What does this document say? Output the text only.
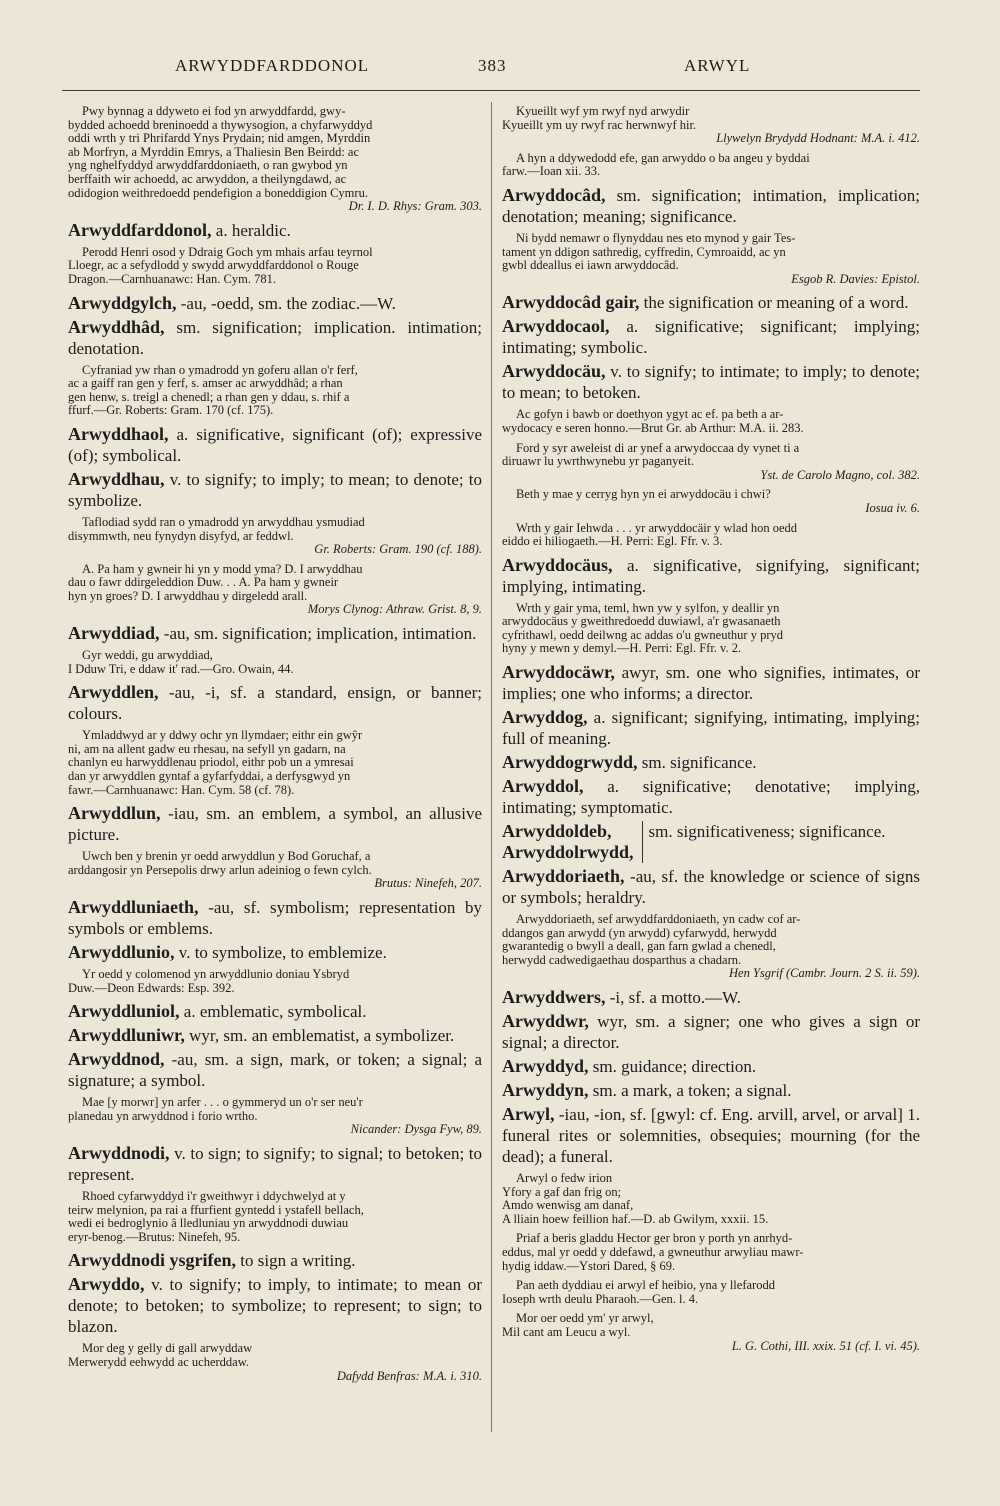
ARWYDDFARDDONOL	383	ARWYL
Pwy bynnag a ddyweto ei fod yn arwyddfardd, gwy-
bydded achoedd breninoedd a thywysogion, a chyfarwyddyd
oddi wrth y tri Phrifardd Ynys Prydain; nid amgen, Myrddin
ab Morfryn, a Myrddin Emrys, a Thaliesin Ben Beirdd: ac
yng nghelfyddyd arwyddfarddoniaeth, o ran gwybod yn
berffaith wir achoedd, ac arwyddon, a theilyngdawd, ac
odidogion weithredoedd pendefigion a boneddigion Cymru.
Dr. I. D. Rhys: Gram. 303.
Arwyddfarddonol, a. heraldic.
Perodd Henri osod y Ddraig Goch ym mhais arfau teyrnol
Lloegr, ac a sefydlodd y swydd arwyddfarddonol o Rouge
Dragon.—Carnhuanawc: Han. Cym. 781.
Arwyddgylch, -au, -oedd, sm. the zodiac.—W.
Arwyddhâd, sm. signification; implication. intimation; denotation.
Cyfraniad yw rhan o ymadrodd yn goferu allan o'r ferf,
ac a gaiff ran gen y ferf, s. amser ac arwyddhâd; a rhan
gen henw, s. treigl a chenedl; a rhan gen y ddau, s. rhif a
ffurf.—Gr. Roberts: Gram. 170 (cf. 175).
Arwyddhaol, a. significative, significant (of); expressive (of); symbolical.
Arwyddhau, v. to signify; to imply; to mean; to denote; to symbolize.
Taflodiad sydd ran o ymadrodd yn arwyddhau ysmudiad
disymmwth, neu fynydyn disyfyd, ar feddwl.
Gr. Roberts: Gram. 190 (cf. 188).
A. Pa ham y gwneir hi yn y modd yma? D. I arwyddhau
dau o fawr ddirgeleddion Duw. . . A. Pa ham y gwneir
hyn yn groes? D. I arwyddhau y dirgeledd arall.
Morys Clynog: Athraw. Grist. 8, 9.
Arwyddiad, -au, sm. signification; implication, intimation.
Gyr weddi, gu arwyddiad,
I Dduw Tri, e ddaw it' rad.—Gro. Owain, 44.
Arwyddlen, -au, -i, sf. a standard, ensign, or banner; colours.
Ymladdwyd ar y ddwy ochr yn llymdaer; eithr ein gwŷr
ni, am na allent gadw eu rhesau, na sefyll yn gadarn, na
chanlyn eu harwyddlenau priodol, eithr pob un a ymresai
dan yr arwyddlen gyntaf a gyfarfyddai, a derfysgwyd yn
fawr.—Carnhuanawc: Han. Cym. 58 (cf. 78).
Arwyddlun, -iau, sm. an emblem, a symbol, an allusive picture.
Uwch ben y brenin yr oedd arwyddlun y Bod Goruchaf, a
arddangosir yn Persepolis drwy arlun adeiniog o fewn cylch.
Brutus: Ninefeh, 207.
Arwyddluniaeth, -au, sf. symbolism; representation by symbols or emblems.
Arwyddlunio, v. to symbolize, to emblemize.
Yr oedd y colomenod yn arwyddlunio doniau Ysbryd
Duw.—Deon Edwards: Esp. 392.
Arwyddluniol, a. emblematic, symbolical.
Arwyddluniwr, wyr, sm. an emblematist, a symbolizer.
Arwyddnod, -au, sm. a sign, mark, or token; a signal; a signature; a symbol.
Mae [y morwr] yn arfer . . . o gymmeryd un o'r ser neu'r
planedau yn arwyddnod i forio wrtho.
Nicander: Dysga Fyw, 89.
Arwyddnodi, v. to sign; to signify; to signal; to betoken; to represent.
Rhoed cyfarwyddyd i'r gweithwyr i ddychwelyd at y
teirw melynion, pa rai a ffurfient gyntedd i ystafell bellach,
wedi ei bedroglynio â lledluniau yn arwyddnodi duwiau
eryr-benog.—Brutus: Ninefeh, 95.
Arwyddnodi ysgrifen, to sign a writing.
Arwyddo, v. to signify; to imply, to intimate; to mean or denote; to betoken; to symbolize; to represent; to sign; to blazon.
Mor deg y gelly di gall arwyddaw
Merwerydd eehwydd ac ucherddaw.
Dafydd Benfras: M.A. i. 310.
Kyueillt wyf ym rwyf nyd arwydir
Kyueillt ym uy rwyf rac herwnwyf hir.
Llywelyn Brydydd Hodnant: M.A. i. 412.
A hyn a ddywedodd efe, gan arwyddo o ba angeu y byddai
farw.—Ioan xii. 33.
Arwyddocâd, sm. signification; intimation, implication; denotation; meaning; significance.
Ni bydd nemawr o flynyddau nes eto mynod y gair Tes-
tament yn ddigon sathredig, cyffredin, Cymroaidd, ac yn
gwbl ddeallus ei iawn arwyddocâd.
Esgob R. Davies: Epistol.
Arwyddocâd gair, the signification or meaning of a word.
Arwyddocaol, a. significative; significant; implying; intimating; symbolic.
Arwyddocäu, v. to signify; to intimate; to imply; to denote; to mean; to betoken.
Ac gofyn i bawb or doethyon ygyt ac ef. pa beth a ar-
wydocacy e seren honno.—Brut Gr. ab Arthur: M.A. ii. 283.
Ford y syr aweleist di ar ynef a arwydoccaa dy vynet ti a
diruawr lu ywrthwynebu yr paganyeit.
Yst. de Carolo Magno, col. 382.
Beth y mae y cerryg hyn yn ei arwyddocäu i chwi?
Iosua iv. 6.
Wrth y gair Iehwda . . . yr arwyddocäir y wlad hon oedd
eiddo ei hiliogaeth.—H. Perri: Egl. Ffr. v. 3.
Arwyddocäus, a. significative, signifying, significant; implying, intimating.
Wrth y gair yma, teml, hwn yw y sylfon, y deallir yn
arwyddocäus y gweithredoedd duwiawl, a'r gwasanaeth
cyfrithawl, oedd deilwng ac addas o'u gwneuthur y pryd
hyny y mewn y demyl.—H. Perri: Egl. Ffr. v. 2.
Arwyddocäwr, awyr, sm. one who signifies, intimates, or implies; one who informs; a director.
Arwyddog, a. significant; signifying, intimating, implying; full of meaning.
Arwyddogrwydd, sm. significance.
Arwyddol, a. significative; denotative; implying, intimating; symptomatic.
Arwyddoldeb,
Arwyddolrwydd,
sm. significativeness; significance.
Arwyddoriaeth, -au, sf. the knowledge or science of signs or symbols; heraldry.
Arwyddoriaeth, sef arwyddfarddoniaeth, yn cadw cof ar-
ddangos gan arwydd (yn arwydd) cyfarwydd, herwydd
gwarantedig o bwyll a deall, gan farn gwlad a chenedl,
herwydd cadwedigaethau dosparthus a chadarn.
Hen Ysgrif (Cambr. Journ. 2 S. ii. 59).
Arwyddwers, -i, sf. a motto.—W.
Arwyddwr, wyr, sm. a signer; one who gives a sign or signal; a director.
Arwyddyd, sm. guidance; direction.
Arwyddyn, sm. a mark, a token; a signal.
Arwyl, -iau, -ion, sf. [gwyl: cf. Eng. arvill, arvel, or arval] 1. funeral rites or solemnities, obsequies; mourning (for the dead); a funeral.
Arwyl o fedw irion
Yfory a gaf dan frig on;
Amdo wenwisg am danaf,
A lliain hoew feillion haf.—D. ab Gwilym, xxxii. 15.
Priaf a beris gladdu Hector ger bron y porth yn anrhyd-
eddus, mal yr oedd y ddefawd, a gwneuthur arwyliau mawr-
hydig iddaw.—Ystori Dared, § 69.
Pan aeth dyddiau ei arwyl ef heibio, yna y llefarodd
Ioseph wrth deulu Pharaoh.—Gen. l. 4.
Mor oer oedd ym' yr arwyl,
Mil cant am Leucu a wyl.
L. G. Cothi, III. xxix. 51 (cf. I. vi. 45).
